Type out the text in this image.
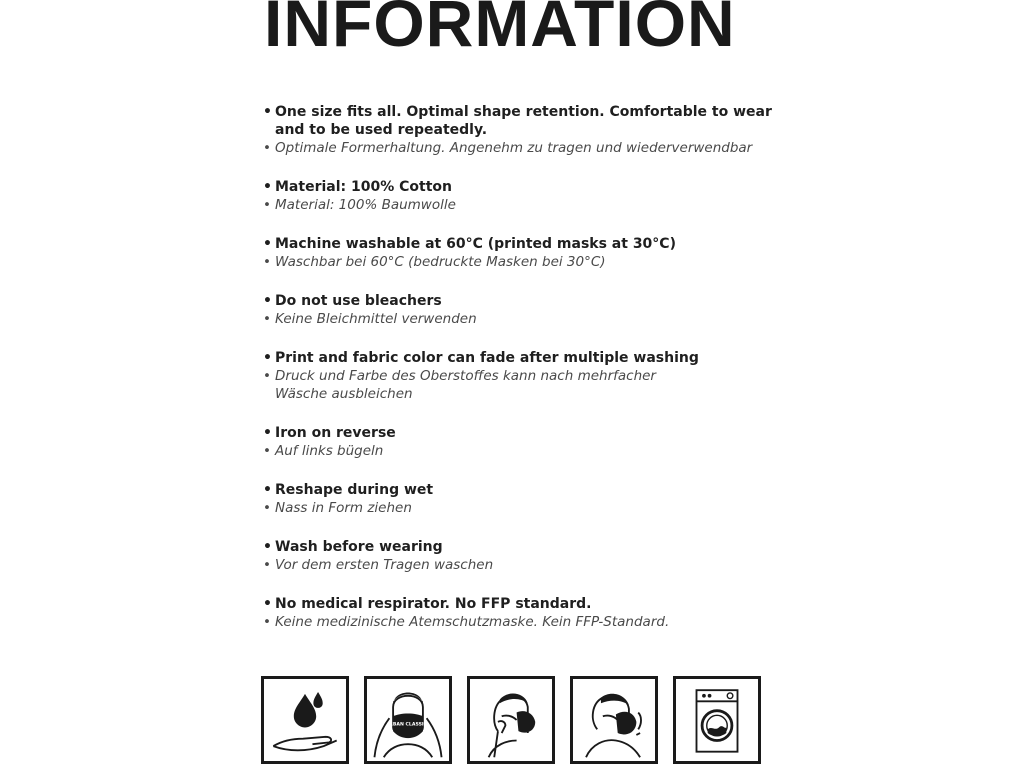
INFORMATION
• One size fits all. Optimal shape retention. Comfortable to wear and to be used repeatedly.
• Optimale Formerhaltung. Angenehm zu tragen und wiederverwendbar
• Material: 100% Cotton
• Material: 100% Baumwolle
• Machine washable at 60°C (printed masks at 30°C)
• Waschbar bei 60°C (bedruckte Masken bei 30°C)
• Do not use bleachers
• Keine Bleichmittel verwenden
• Print and fabric color can fade after multiple washing
• Druck und Farbe des Oberstoffes kann nach mehrfacher Wäsche ausbleichen
• Iron on reverse
• Auf links bügeln
• Reshape during wet
• Nass in Form ziehen
• Wash before wearing
• Vor dem ersten Tragen waschen
• No medical respirator. No FFP standard.
• Keine medizinische Atemschutzmaske. Kein FFP-Standard.
URBAN CLASSICS
